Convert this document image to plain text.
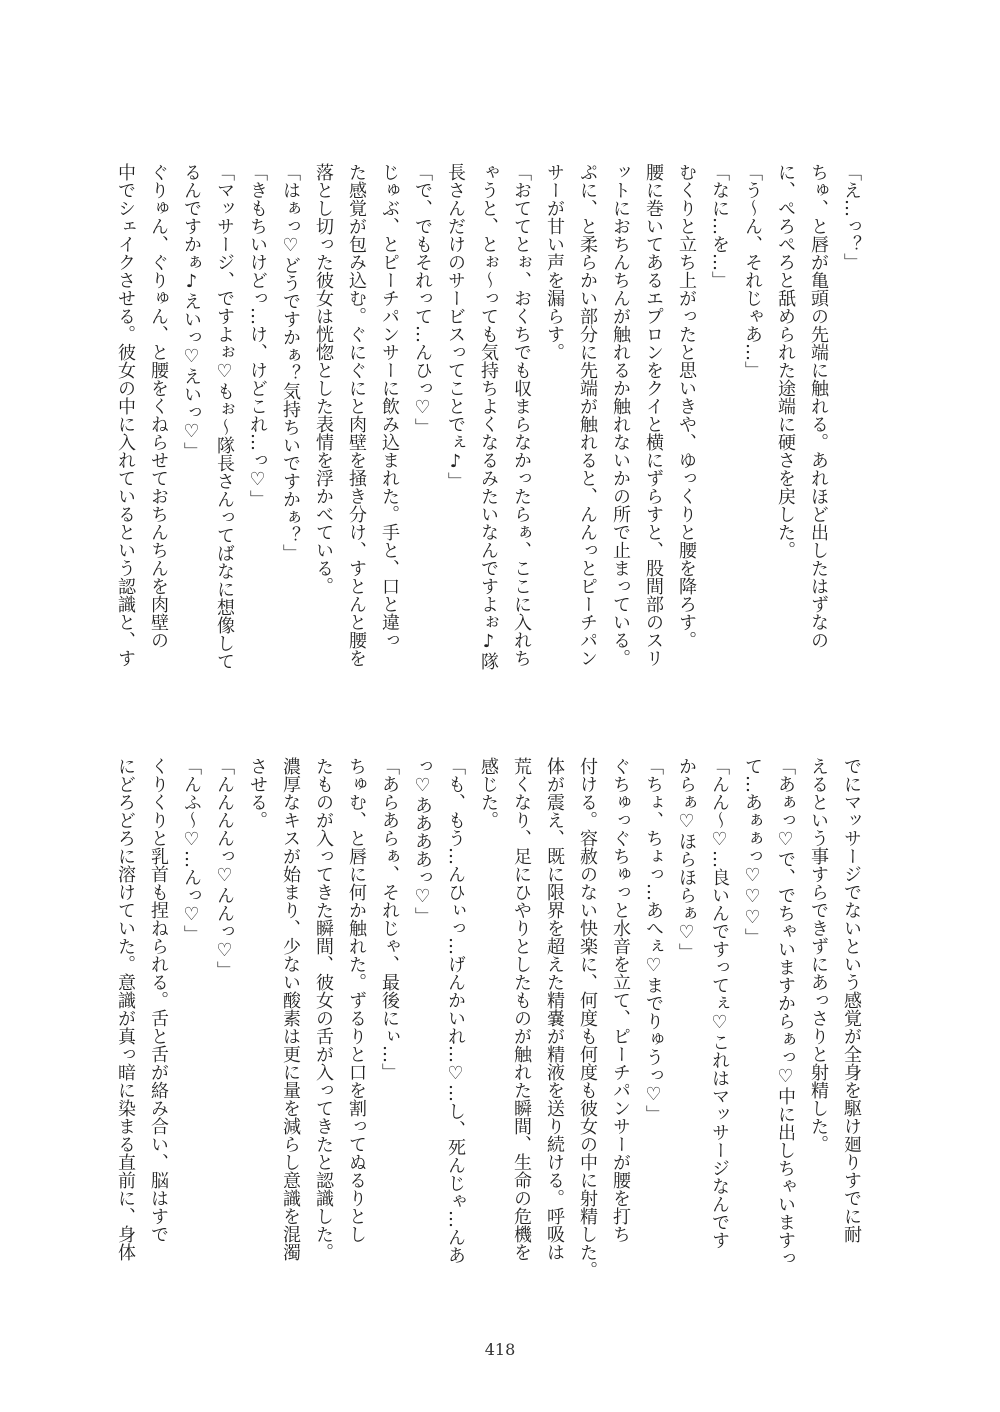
「え…っ？」
ちゅ、と唇が亀頭の先端に触れる。あれほど出したはずなの
に、ぺろぺろと舐められた途端に硬さを戻した。
「う〜ん、それじゃあ…」
「なに…を…」
むくりと立ち上がったと思いきや、ゆっくりと腰を降ろす。
腰に巻いてあるエプロンをクイと横にずらすと、股間部のスリ
ットにおちんちんが触れるか触れないかの所で止まっている。
ぷに、と柔らかい部分に先端が触れると、んんっとピーチパン
サーが甘い声を漏らす。
「おててとぉ、おくちでも収まらなかったらぁ、ここに入れち
ゃうと、とぉ〜っても気持ちよくなるみたいなんですよぉ♪隊
長さんだけのサービスってことでぇ♪」
「で、でもそれって…んひっ♡」
じゅぶ、とピーチパンサーに飲み込まれた。手と、口と違っ
た感覚が包み込む。ぐにぐにと肉壁を掻き分け、すとんと腰を
落とし切った彼女は恍惚とした表情を浮かべている。
「はぁっ♡どうですかぁ？気持ちいですかぁ？」
「きもちいけどっ…け、けどこれ…っ♡」
「マッサージ、ですよぉ♡もぉ〜隊長さんってばなに想像して
るんですかぁ♪えいっ♡えいっ♡」
ぐりゅん、ぐりゅん、と腰をくねらせておちんちんを肉壁の
中でシェイクさせる。彼女の中に入れているという認識と、す
でにマッサージでないという感覚が全身を駆け廻りすでに耐
えるという事すらできずにあっさりと射精した。
「あぁっ♡で、でちゃいますからぁっ♡中に出しちゃいますっ
て…あぁぁっ♡♡♡」
「んん〜♡…良いんですってぇ♡これはマッサージなんです
からぁ♡ほらほらぁ♡」
「ちょ、ちょっ…あへぇ♡までりゅうっ♡」
ぐちゅっぐちゅっと水音を立て、ピーチパンサーが腰を打ち
付ける。容赦のない快楽に、何度も何度も彼女の中に射精した。
体が震え、既に限界を超えた精嚢が精液を送り続ける。呼吸は
荒くなり、足にひやりとしたものが触れた瞬間、生命の危機を
感じた。
「も、もう…んひぃっ…げんかいれ…♡…し、死んじゃ…んあ
っ♡ああああっ♡」
「あらあらぁ、それじゃ、最後にぃ…」
ちゅむ、と唇に何か触れた。ずるりと口を割ってぬるりとし
たものが入ってきた瞬間、彼女の舌が入ってきたと認識した。
濃厚なキスが始まり、少ない酸素は更に量を減らし意識を混濁
させる。
「んんんんっ♡んんっ♡」
「んふ〜♡…んっ♡」
くりくりと乳首も捏ねられる。舌と舌が絡み合い、脳はすで
にどろどろに溶けていた。意識が真っ暗に染まる直前に、身体
418
